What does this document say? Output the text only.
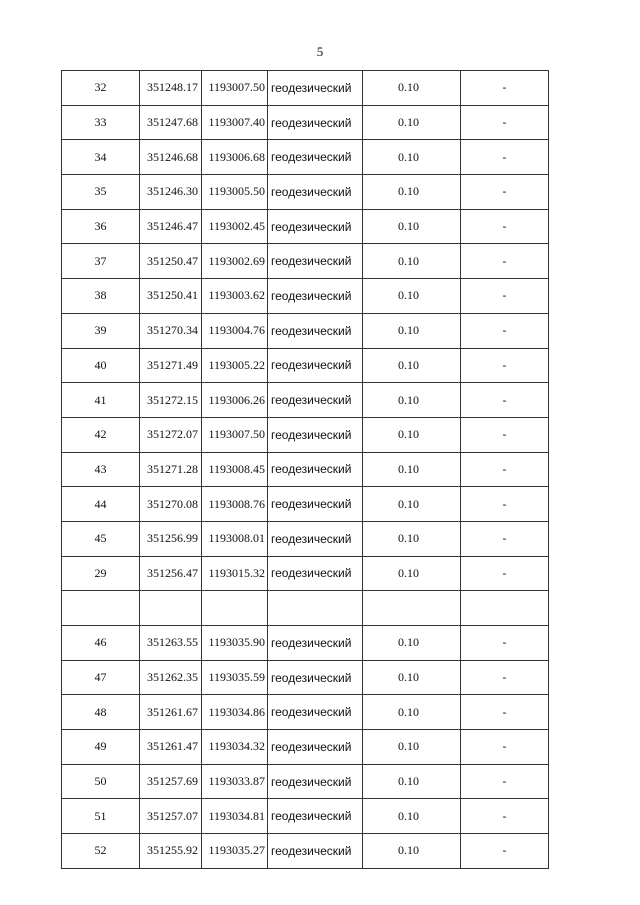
5
32	351248.17	1193007.50	геодезический	0.10	-
33	351247.68	1193007.40	геодезический	0.10	-
34	351246.68	1193006.68	геодезический	0.10	-
35	351246.30	1193005.50	геодезический	0.10	-
36	351246.47	1193002.45	геодезический	0.10	-
37	351250.47	1193002.69	геодезический	0.10	-
38	351250.41	1193003.62	геодезический	0.10	-
39	351270.34	1193004.76	геодезический	0.10	-
40	351271.49	1193005.22	геодезический	0.10	-
41	351272.15	1193006.26	геодезический	0.10	-
42	351272.07	1193007.50	геодезический	0.10	-
43	351271.28	1193008.45	геодезический	0.10	-
44	351270.08	1193008.76	геодезический	0.10	-
45	351256.99	1193008.01	геодезический	0.10	-
29	351256.47	1193015.32	геодезический	0.10	-

46	351263.55	1193035.90	геодезический	0.10	-
47	351262.35	1193035.59	геодезический	0.10	-
48	351261.67	1193034.86	геодезический	0.10	-
49	351261.47	1193034.32	геодезический	0.10	-
50	351257.69	1193033.87	геодезический	0.10	-
51	351257.07	1193034.81	геодезический	0.10	-
52	351255.92	1193035.27	геодезический	0.10	-
